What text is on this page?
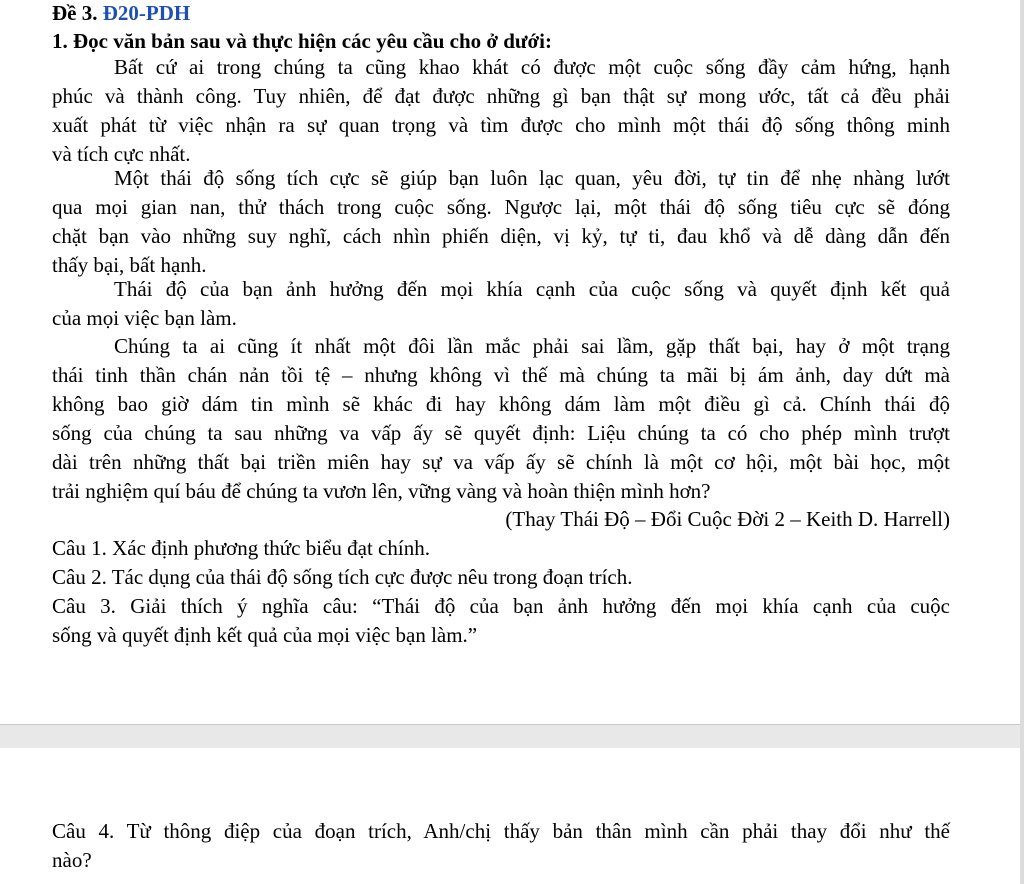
Đề 3. Đ20-PDH
1. Đọc văn bản sau và thực hiện các yêu cầu cho ở dưới:
Bất cứ ai trong chúng ta cũng khao khát có được một cuộc sống đầy cảm hứng, hạnh
phúc và thành công. Tuy nhiên, để đạt được những gì bạn thật sự mong ước, tất cả đều phải
xuất phát từ việc nhận ra sự quan trọng và tìm được cho mình một thái độ sống thông minh
và tích cực nhất.
Một thái độ sống tích cực sẽ giúp bạn luôn lạc quan, yêu đời, tự tin để nhẹ nhàng lướt
qua mọi gian nan, thử thách trong cuộc sống. Ngược lại, một thái độ sống tiêu cực sẽ đóng
chặt bạn vào những suy nghĩ, cách nhìn phiến diện, vị kỷ, tự ti, đau khổ và dễ dàng dẫn đến
thấy bại, bất hạnh.
Thái độ của bạn ảnh hưởng đến mọi khía cạnh của cuộc sống và quyết định kết quả
của mọi việc bạn làm.
Chúng ta ai cũng ít nhất một đôi lần mắc phải sai lầm, gặp thất bại, hay ở một trạng
thái tinh thần chán nản tồi tệ – nhưng không vì thế mà chúng ta mãi bị ám ảnh, day dứt mà
không bao giờ dám tin mình sẽ khác đi hay không dám làm một điều gì cả. Chính thái độ
sống của chúng ta sau những va vấp ấy sẽ quyết định: Liệu chúng ta có cho phép mình trượt
dài trên những thất bại triền miên hay sự va vấp ấy sẽ chính là một cơ hội, một bài học, một
trải nghiệm quí báu để chúng ta vươn lên, vững vàng và hoàn thiện mình hơn?
(Thay Thái Độ – Đổi Cuộc Đời 2 – Keith D. Harrell)
Câu 1. Xác định phương thức biểu đạt chính.
Câu 2. Tác dụng của thái độ sống tích cực được nêu trong đoạn trích.
Câu 3. Giải thích ý nghĩa câu: “Thái độ của bạn ảnh hưởng đến mọi khía cạnh của cuộc
sống và quyết định kết quả của mọi việc bạn làm.”
Câu 4. Từ thông điệp của đoạn trích, Anh/chị thấy bản thân mình cần phải thay đổi như thế
nào?
